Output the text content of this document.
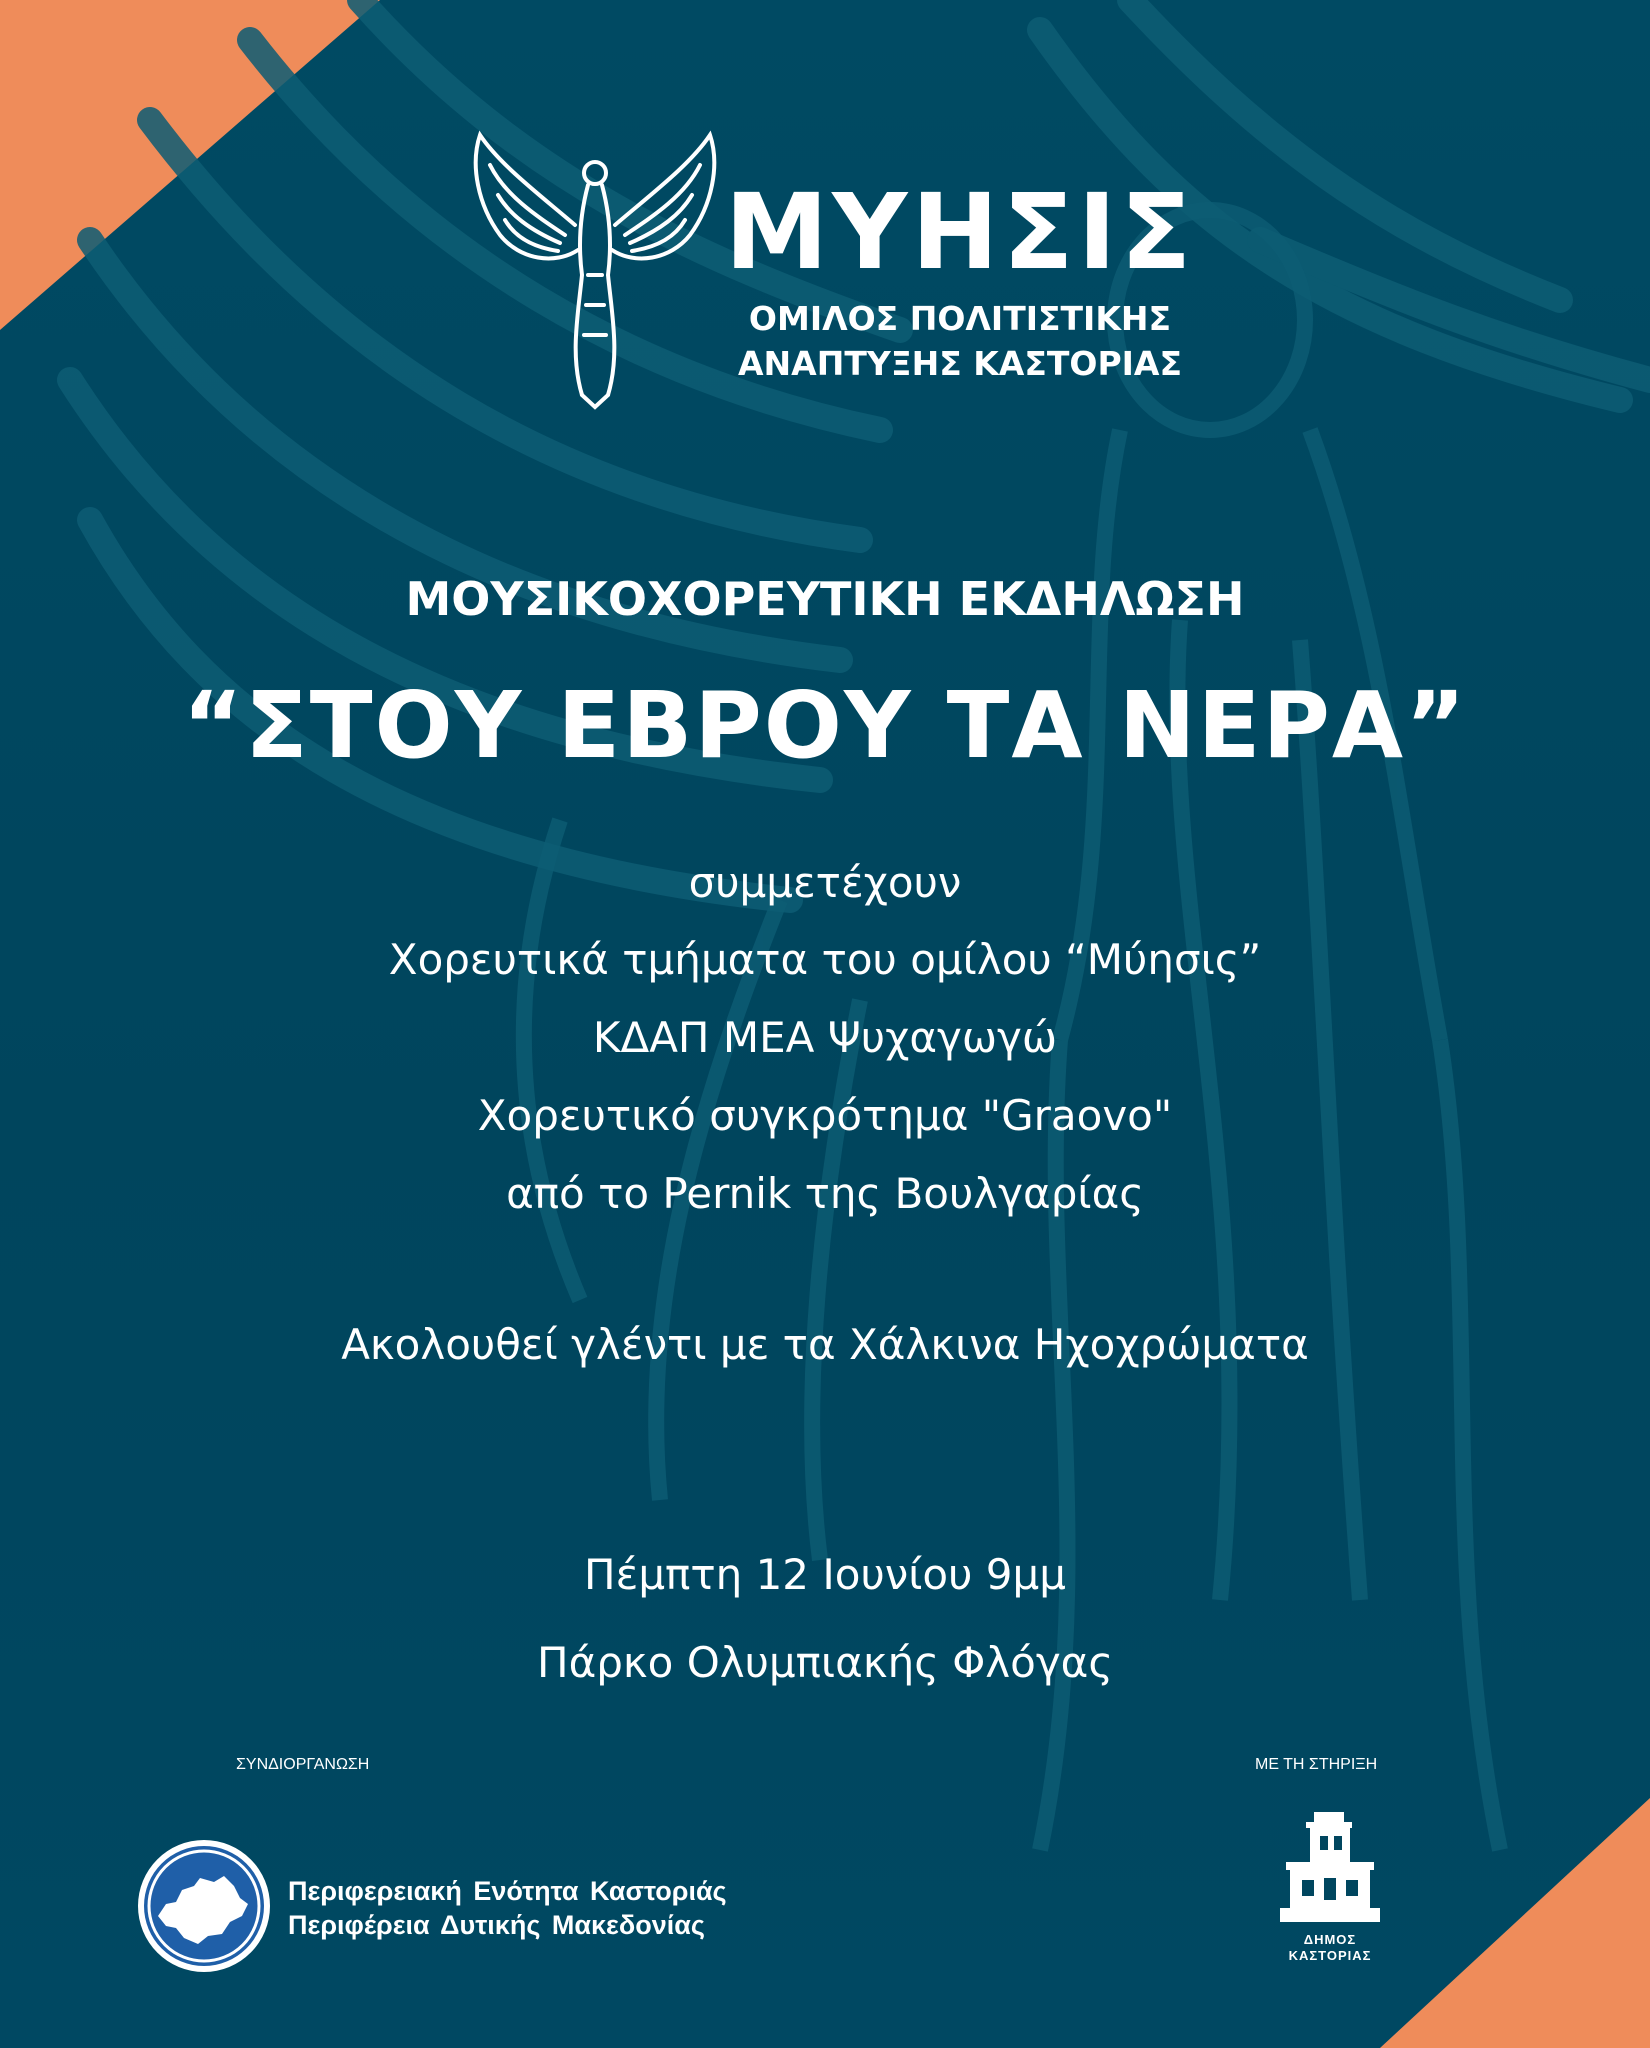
ΜΥΗΣΙΣ
ΟΜΙΛΟΣ ΠΟΛΙΤΙΣΤΙΚΗΣ
ΑΝΑΠΤΥΞΗΣ ΚΑΣΤΟΡΙΑΣ
ΜΟΥΣΙΚΟΧΟΡΕΥΤΙΚΗ ΕΚΔΗΛΩΣΗ
“ΣΤΟΥ ΕΒΡΟΥ ΤΑ ΝΕΡΑ”
συμμετέχουν
Χορευτικά τμήματα του ομίλου “Μύησις”
ΚΔΑΠ ΜΕΑ Ψυχαγωγώ
Χορευτικό συγκρότημα "Graovo"
από το Pernik της Βουλγαρίας
Ακολουθεί γλέντι με τα Χάλκινα Ηχοχρώματα
Πέμπτη 12 Ιουνίου 9μμ
Πάρκο Ολυμπιακής Φλόγας
ΣΥΝΔΙΟΡΓΑΝΩΣΗ	ΜΕ ΤΗ ΣΤΗΡΙΞΗ
Περιφερειακή Ενότητα Καστοριάς
Περιφέρεια Δυτικής Μακεδονίας	ΔΗΜΟΣ ΚΑΣΤΟΡΙΑΣ
